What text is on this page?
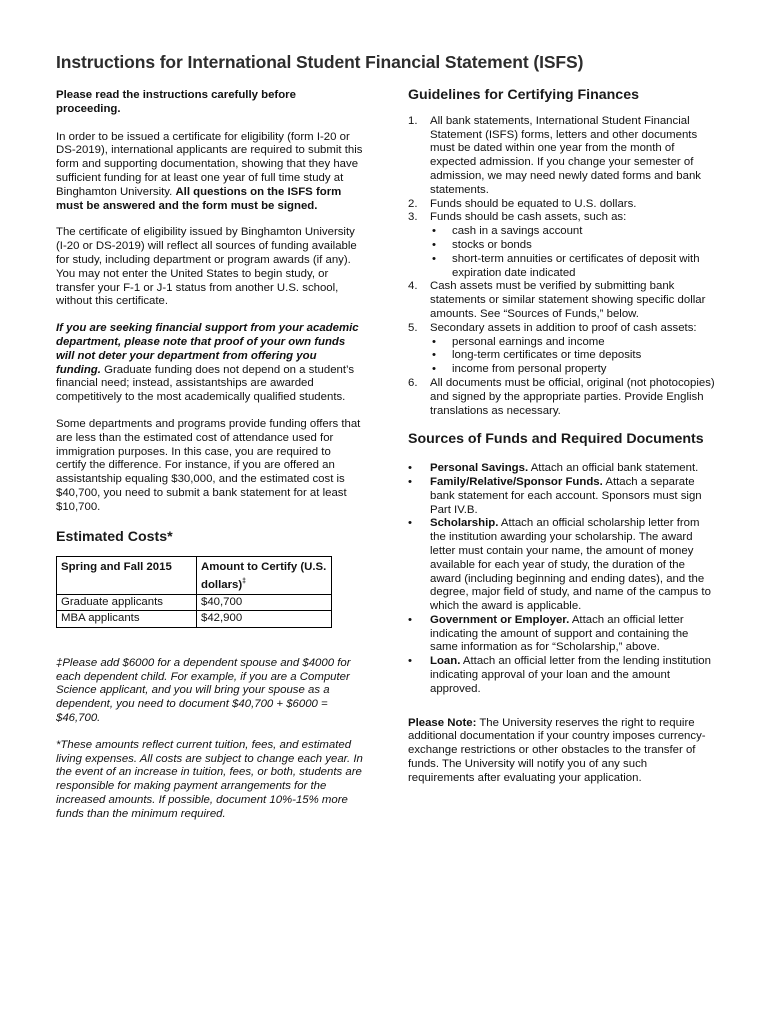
Instructions for International Student Financial Statement (ISFS)

Please read the instructions carefully before proceeding.

In order to be issued a certificate for eligibility (form I-20 or DS-2019), international applicants are required to submit this form and supporting documentation, showing that they have sufficient funding for at least one year of full time study at Binghamton University. All questions on the ISFS form must be answered and the form must be signed.

The certificate of eligibility issued by Binghamton University (I-20 or DS-2019) will reflect all sources of funding available for study, including department or program awards (if any). You may not enter the United States to begin study, or transfer your F-1 or J-1 status from another U.S. school, without this certificate.

If you are seeking financial support from your academic department, please note that proof of your own funds will not deter your department from offering you funding. Graduate funding does not depend on a student’s financial need; instead, assistantships are awarded competitively to the most academically qualified students.

Some departments and programs provide funding offers that are less than the estimated cost of attendance used for immigration purposes. In this case, you are required to certify the difference. For instance, if you are offered an assistantship equaling $30,000, and the estimated cost is $40,700, you need to submit a bank statement for at least $10,700.

Estimated Costs*
Spring and Fall 2015	Amount to Certify (U.S. dollars)‡
Graduate applicants	$40,700
MBA applicants	$42,900

‡Please add $6000 for a dependent spouse and $4000 for each dependent child. For example, if you are a Computer Science applicant, and you will bring your spouse as a dependent, you need to document $40,700 + $6000 = $46,700.

*These amounts reflect current tuition, fees, and estimated living expenses. All costs are subject to change each year. In the event of an increase in tuition, fees, or both, students are responsible for making payment arrangements for the increased amounts. If possible, document 10%-15% more funds than the minimum required.

Guidelines for Certifying Finances
1. All bank statements, International Student Financial Statement (ISFS) forms, letters and other documents must be dated within one year from the month of expected admission. If you change your semester of admission, we may need newly dated forms and bank statements.
2. Funds should be equated to U.S. dollars.
3. Funds should be cash assets, such as:
• cash in a savings account
• stocks or bonds
• short-term annuities or certificates of deposit with expiration date indicated
4. Cash assets must be verified by submitting bank statements or similar statement showing specific dollar amounts. See “Sources of Funds,” below.
5. Secondary assets in addition to proof of cash assets:
• personal earnings and income
• long-term certificates or time deposits
• income from personal property
6. All documents must be official, original (not photocopies) and signed by the appropriate parties. Provide English translations as necessary.
Sources of Funds and Required Documents
• Personal Savings. Attach an official bank statement.
• Family/Relative/Sponsor Funds. Attach a separate bank statement for each account. Sponsors must sign Part IV.B.
• Scholarship. Attach an official scholarship letter from the institution awarding your scholarship. The award letter must contain your name, the amount of money available for each year of study, the duration of the award (including beginning and ending dates), and the degree, major field of study, and name of the campus to which the award is applicable.
• Government or Employer. Attach an official letter indicating the amount of support and containing the same information as for “Scholarship,” above.
• Loan. Attach an official letter from the lending institution indicating approval of your loan and the amount approved.

Please Note: The University reserves the right to require additional documentation if your country imposes currency-exchange restrictions or other obstacles to the transfer of funds. The University will notify you of any such requirements after evaluating your application.
